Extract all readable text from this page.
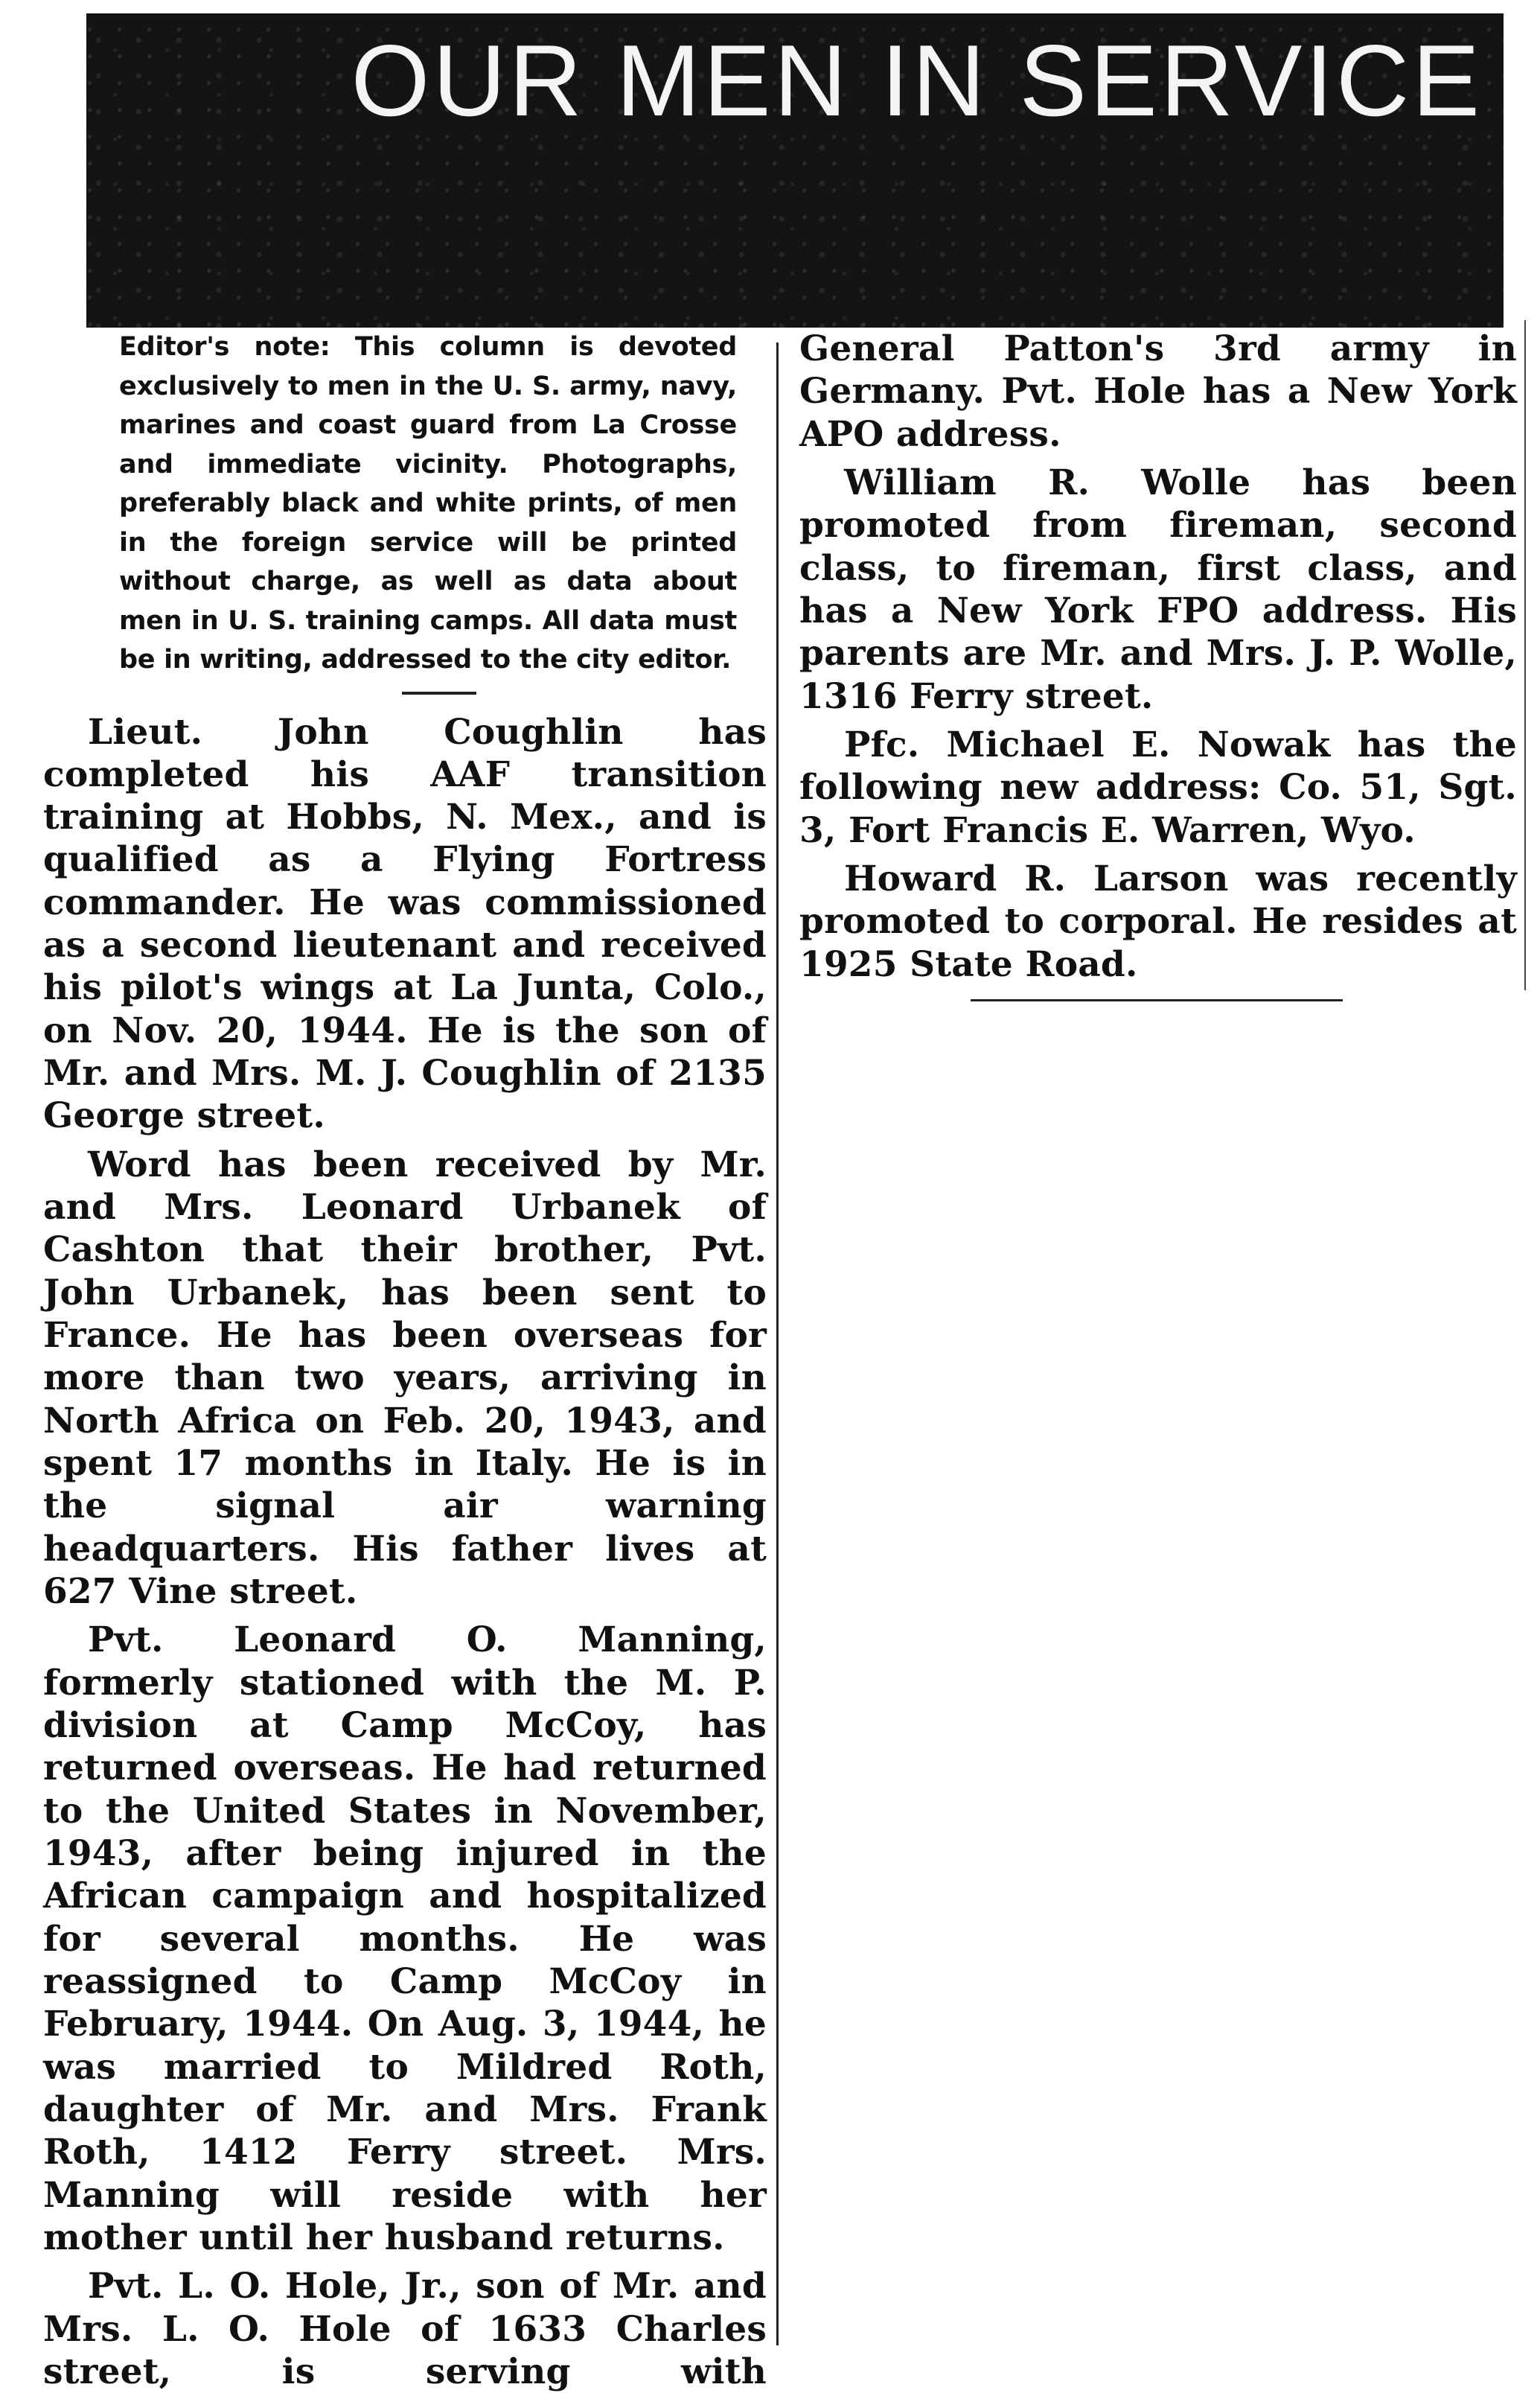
OUR MEN IN SERVICE

Editor's note: This column is devoted exclusively to men in the U. S. army, navy, marines and coast guard from La Crosse and immediate vicinity. Photographs, preferably black and white prints, of men in the foreign service will be printed without charge, as well as data about men in U. S. training camps. All data must be in writing, addressed to the city editor.

Lieut. John Coughlin has completed his AAF transition training at Hobbs, N. Mex., and is qualified as a Flying Fortress commander. He was commissioned as a second lieutenant and received his pilot's wings at La Junta, Colo., on Nov. 20, 1944. He is the son of Mr. and Mrs. M. J. Coughlin of 2135 George street.

Word has been received by Mr. and Mrs. Leonard Urbanek of Cashton that their brother, Pvt. John Urbanek, has been sent to France. He has been overseas for more than two years, arriving in North Africa on Feb. 20, 1943, and spent 17 months in Italy. He is in the signal air warning headquarters. His father lives at 627 Vine street.

Pvt. Leonard O. Manning, formerly stationed with the M. P. division at Camp McCoy, has returned overseas. He had returned to the United States in November, 1943, after being injured in the African campaign and hospitalized for several months. He was reassigned to Camp McCoy in February, 1944. On Aug. 3, 1944, he was married to Mildred Roth, daughter of Mr. and Mrs. Frank Roth, 1412 Ferry street. Mrs. Manning will reside with her mother until her husband returns.

Pvt. L. O. Hole, Jr., son of Mr. and Mrs. L. O. Hole of 1633 Charles street, is serving with

General Patton's 3rd army in Germany. Pvt. Hole has a New York APO address.

William R. Wolle has been promoted from fireman, second class, to fireman, first class, and has a New York FPO address. His parents are Mr. and Mrs. J. P. Wolle, 1316 Ferry street.

Pfc. Michael E. Nowak has the following new address: Co. 51, Sgt. 3, Fort Francis E. Warren, Wyo.

Howard R. Larson was recently promoted to corporal. He resides at 1925 State Road.
